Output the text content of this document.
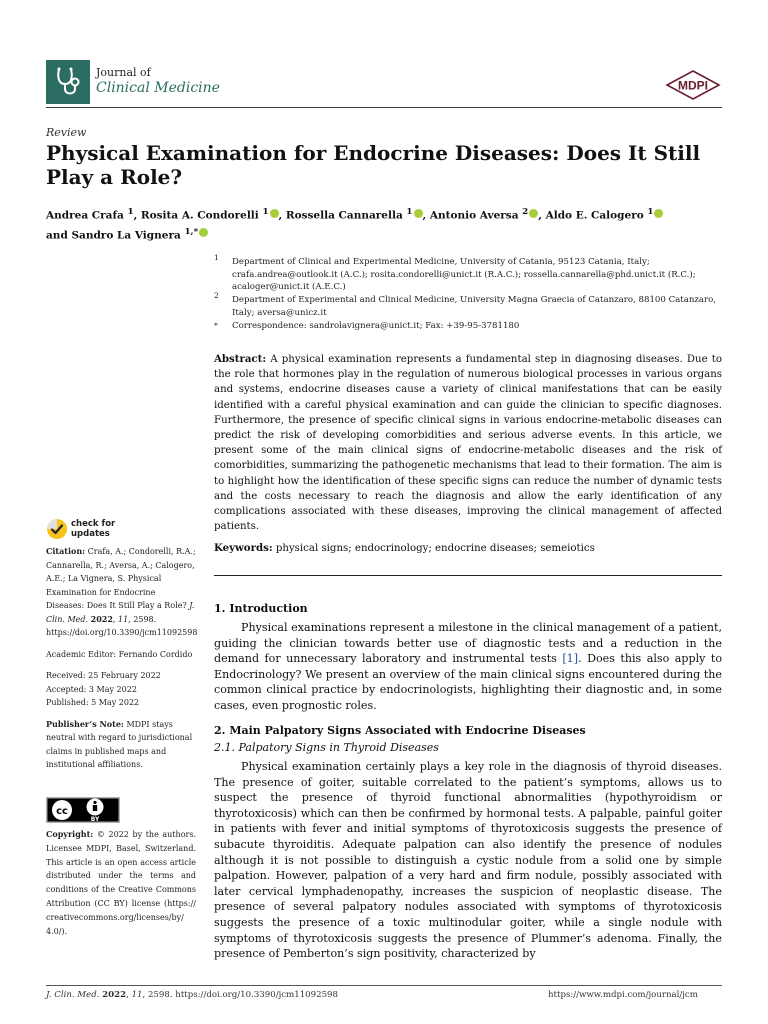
Journal of
Clinical Medicine	MDPI
Review
Physical Examination for Endocrine Diseases: Does It Still Play a Role?
Andrea Crafa $^1$, Rosita A. Condorelli $^1$ , Rossella Cannarella $^1$ , Antonio Aversa $^2$ , Aldo E. Calogero $^1$
and Sandro La Vignera $^{1,*}$
1 Department of Clinical and Experimental Medicine, University of Catania, 95123 Catania, Italy; crafa.andrea@outlook.it (A.C.); rosita.condorelli@unict.it (R.A.C.); rossella.cannarella@phd.unict.it (R.C.); acaloger@unict.it (A.E.C.)
2 Department of Experimental and Clinical Medicine, University Magna Graecia of Catanzaro, 88100 Catanzaro, Italy; aversa@unicz.it
* Correspondence: sandrolavignera@unict.it; Fax: +39-95-3781180
Abstract: A physical examination represents a fundamental step in diagnosing diseases. Due to the role that hormones play in the regulation of numerous biological processes in various organs and systems, endocrine diseases cause a variety of clinical manifestations that can be easily identified with a careful physical examination and can guide the clinician to specific diagnoses. Furthermore, the presence of specific clinical signs in various endocrine-metabolic diseases can predict the risk of developing comorbidities and serious adverse events. In this article, we present some of the main clinical signs of endocrine-metabolic diseases and the risk of comorbidities, summarizing the pathogenetic mechanisms that lead to their formation. The aim is to highlight how the identification of these specific signs can reduce the number of dynamic tests and the costs necessary to reach the diagnosis and allow the early identification of any complications associated with these diseases, improving the clinical management of affected patients.
Keywords: physical signs; endocrinology; endocrine diseases; semeiotics
1. Introduction
Physical examinations represent a milestone in the clinical management of a patient, guiding the clinician towards better use of diagnostic tests and a reduction in the demand for unnecessary laboratory and instrumental tests [1]. Does this also apply to Endocrinology? We present an overview of the main clinical signs encountered during the common clinical practice by endocrinologists, highlighting their diagnostic and, in some cases, even prognostic roles.
2. Main Palpatory Signs Associated with Endocrine Diseases
2.1. Palpatory Signs in Thyroid Diseases
Physical examination certainly plays a key role in the diagnosis of thyroid diseases. The presence of goiter, suitable correlated to the patient’s symptoms, allows us to suspect the presence of thyroid functional abnormalities (hypothyroidism or thyrotoxicosis) which can then be confirmed by hormonal tests. A palpable, painful goiter in patients with fever and initial symptoms of thyrotoxicosis suggests the presence of subacute thyroiditis. Adequate palpation can also identify the presence of nodules although it is not possible to distinguish a cystic nodule from a solid one by simple palpation. However, palpation of a very hard and firm nodule, possibly associated with later cervical lymphadenopathy, increases the suspicion of neoplastic disease. The presence of several palpatory nodules associated with symptoms of thyrotoxicosis suggests the presence of a toxic multinodular goiter, while a single nodule with symptoms of thyrotoxicosis suggests the presence of Plummer’s adenoma. Finally, the presence of Pemberton’s sign positivity, characterized by
check for
updates
Citation: Crafa, A.; Condorelli, R.A.; Cannarella, R.; Aversa, A.; Calogero, A.E.; La Vignera, S. Physical Examination for Endocrine Diseases: Does It Still Play a Role? J. Clin. Med. 2022, 11, 2598. https://doi.org/10.3390/jcm11092598
Academic Editor: Fernando Cordido
Received: 25 February 2022
Accepted: 3 May 2022
Published: 5 May 2022
Publisher’s Note: MDPI stays neutral with regard to jurisdictional claims in published maps and institutional affiliations.
cc
BY
Copyright: © 2022 by the authors. Licensee MDPI, Basel, Switzerland. This article is an open access article distributed under the terms and conditions of the Creative Commons Attribution (CC BY) license (https:// creativecommons.org/licenses/by/ 4.0/).
J. Clin. Med. 2022, 11, 2598. https://doi.org/10.3390/jcm11092598	https://www.mdpi.com/journal/jcm
